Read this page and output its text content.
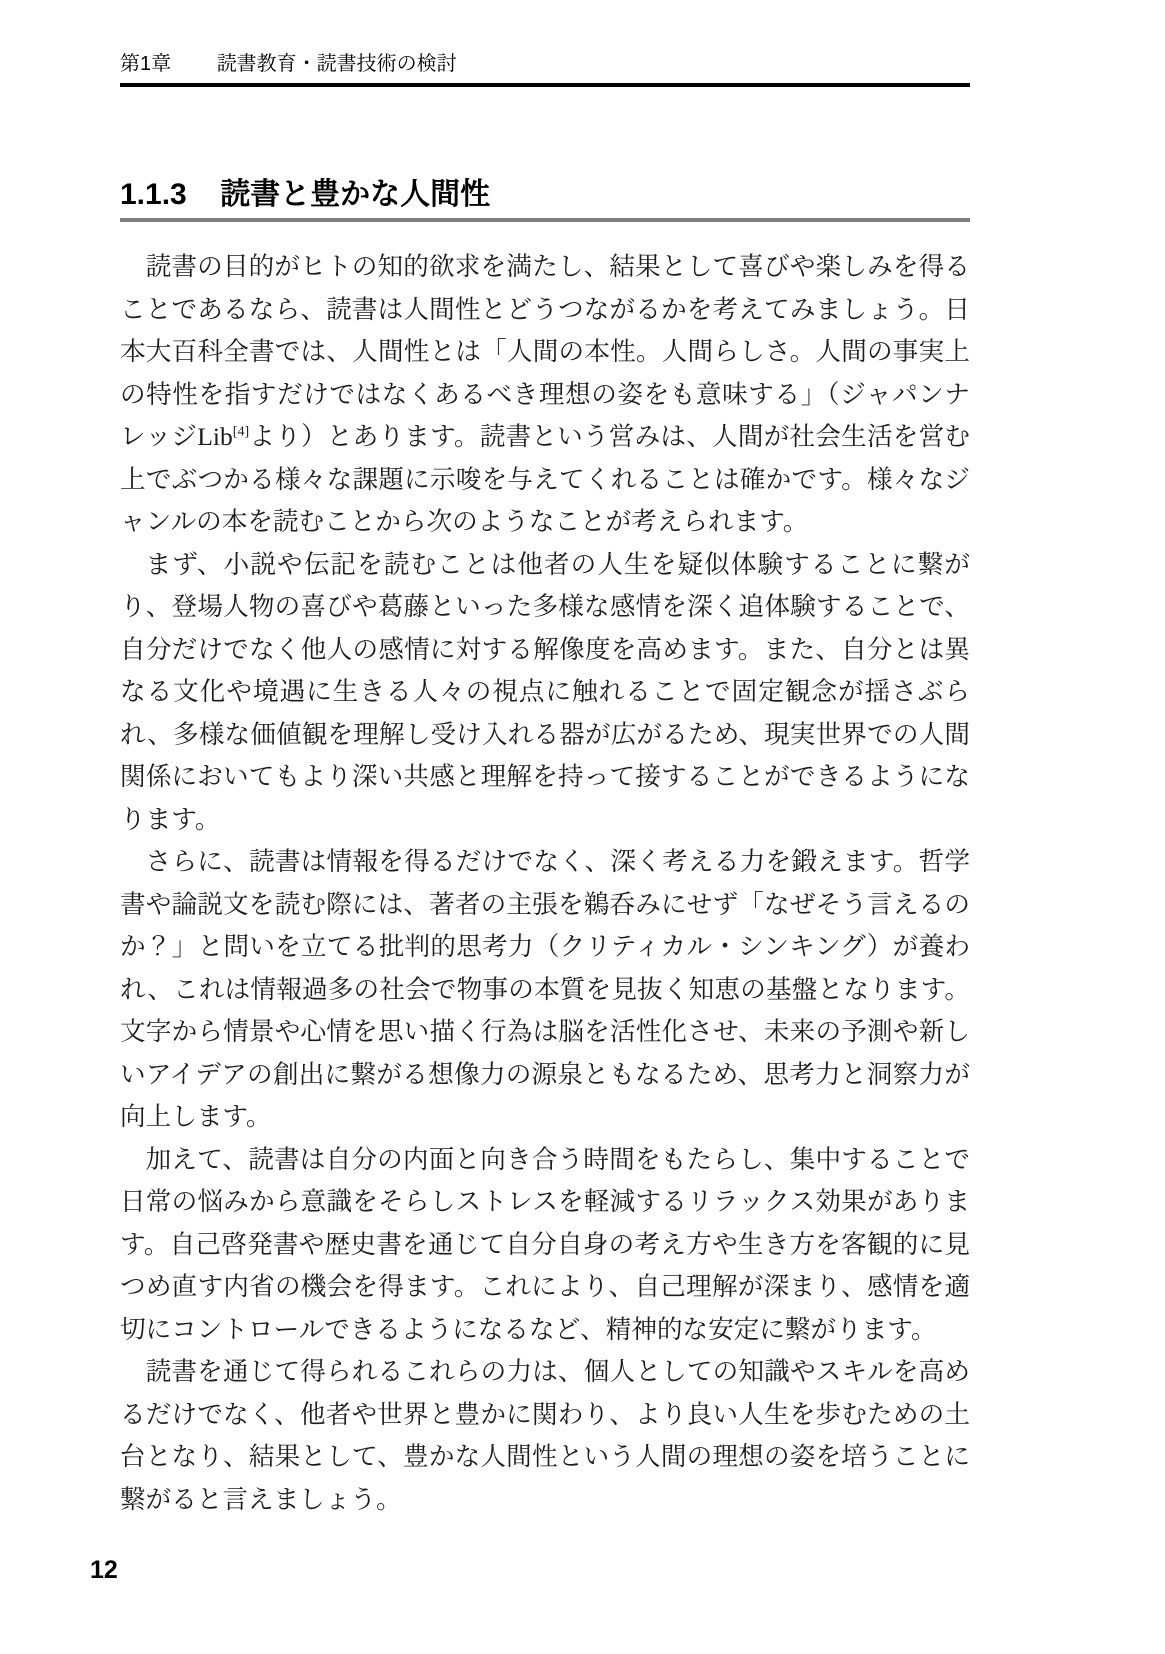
第1章 読書教育・読書技術の検討
1.1.3 読書と豊かな人間性

読書の目的がヒトの知的欲求を満たし、結果として喜びや楽しみを得ることであるなら、読書は人間性とどうつながるかを考えてみましょう。日本大百科全書では、人間性とは「人間の本性。人間らしさ。人間の事実上の特性を指すだけではなくあるべき理想の姿をも意味する」（ジャパンナレッジLib[4]より）とあります。読書という営みは、人間が社会生活を営む上でぶつかる様々な課題に示唆を与えてくれることは確かです。様々なジャンルの本を読むことから次のようなことが考えられます。

まず、小説や伝記を読むことは他者の人生を疑似体験することに繋がり、登場人物の喜びや葛藤といった多様な感情を深く追体験することで、自分だけでなく他人の感情に対する解像度を高めます。また、自分とは異なる文化や境遇に生きる人々の視点に触れることで固定観念が揺さぶられ、多様な価値観を理解し受け入れる器が広がるため、現実世界での人間関係においてもより深い共感と理解を持って接することができるようになります。

さらに、読書は情報を得るだけでなく、深く考える力を鍛えます。哲学書や論説文を読む際には、著者の主張を鵜呑みにせず「なぜそう言えるのか？」と問いを立てる批判的思考力（クリティカル・シンキング）が養われ、これは情報過多の社会で物事の本質を見抜く知恵の基盤となります。文字から情景や心情を思い描く行為は脳を活性化させ、未来の予測や新しいアイデアの創出に繋がる想像力の源泉ともなるため、思考力と洞察力が向上します。

加えて、読書は自分の内面と向き合う時間をもたらし、集中することで日常の悩みから意識をそらしストレスを軽減するリラックス効果があります。自己啓発書や歴史書を通じて自分自身の考え方や生き方を客観的に見つめ直す内省の機会を得ます。これにより、自己理解が深まり、感情を適切にコントロールできるようになるなど、精神的な安定に繋がります。

読書を通じて得られるこれらの力は、個人としての知識やスキルを高めるだけでなく、他者や世界と豊かに関わり、より良い人生を歩むための土台となり、結果として、豊かな人間性という人間の理想の姿を培うことに繋がると言えましょう。

12
